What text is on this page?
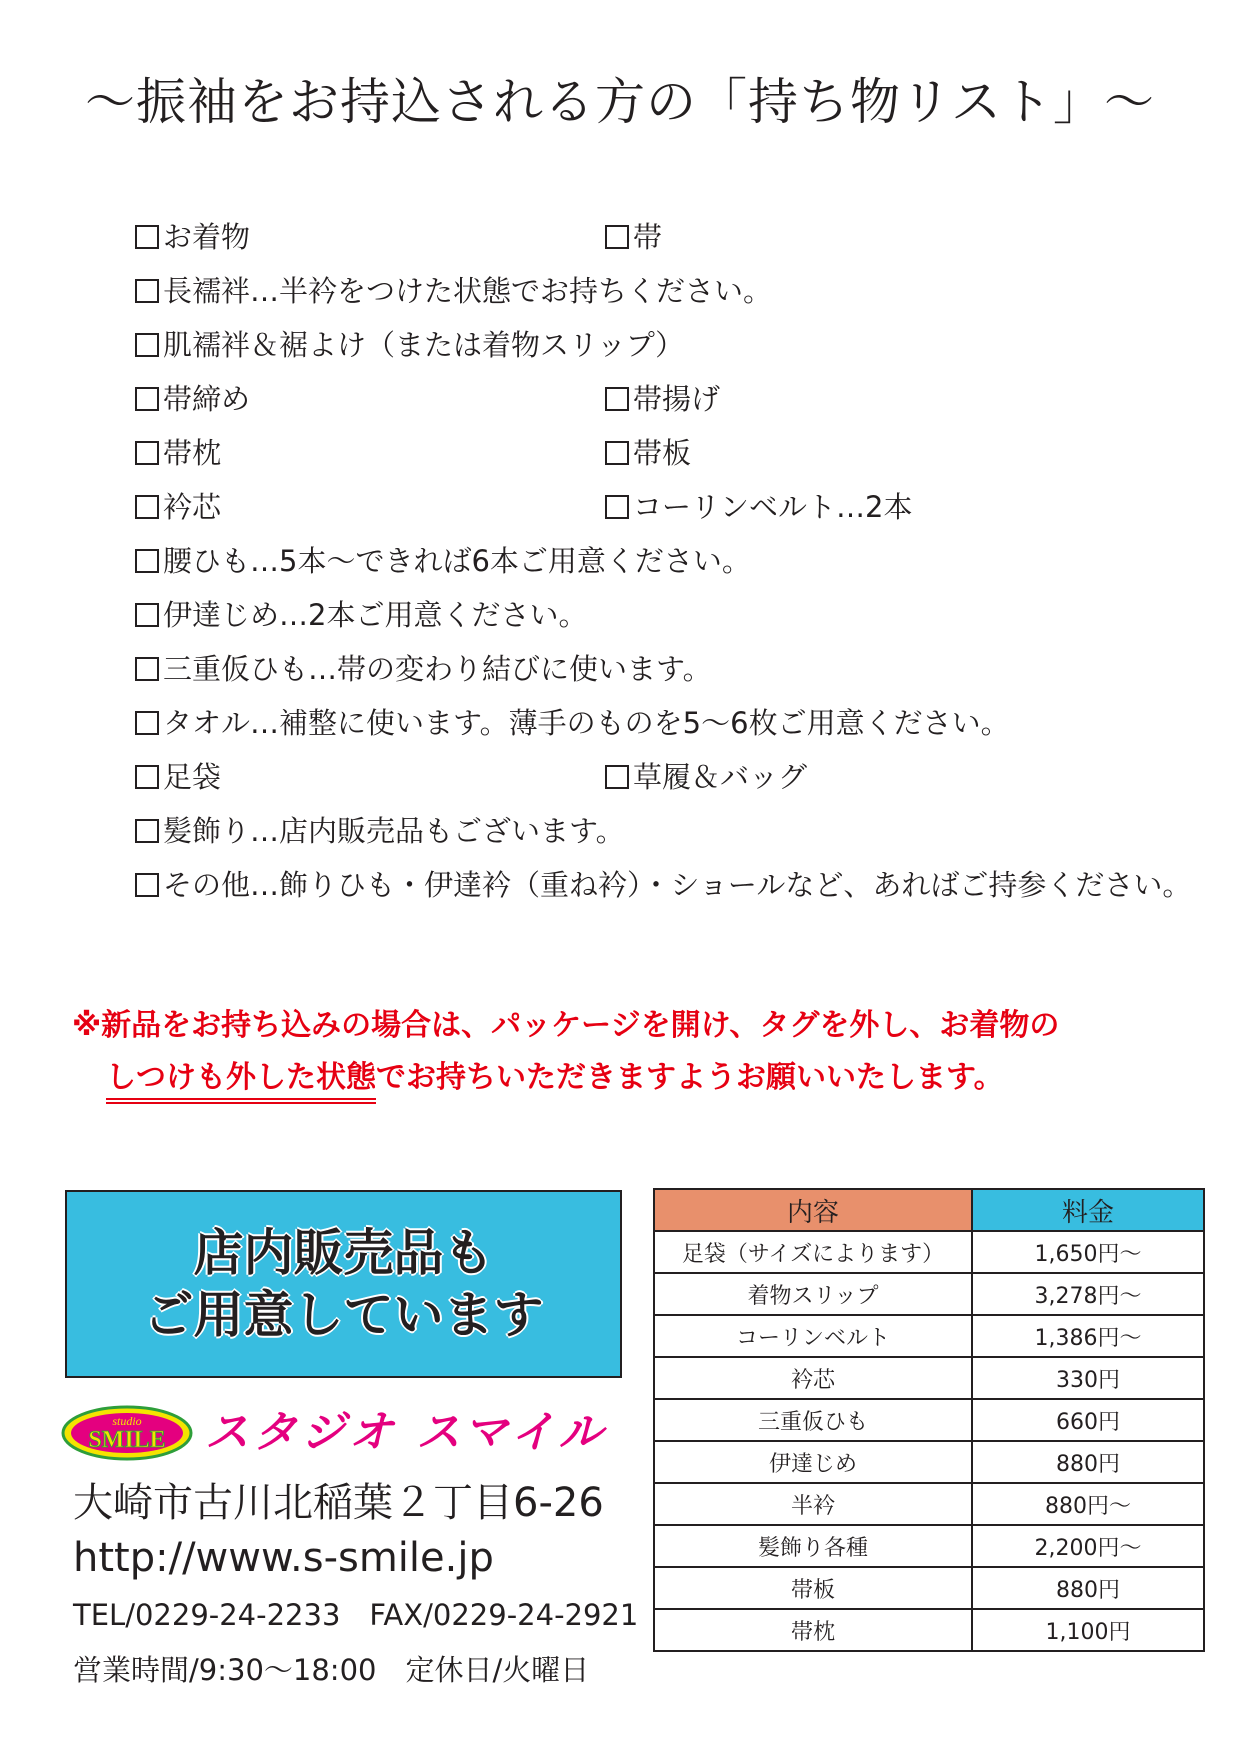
～振袖をお持込される方の「持ち物リスト」～
お着物	帯
長襦袢…半衿をつけた状態でお持ちください。
肌襦袢＆裾よけ（または着物スリップ）
帯締め	帯揚げ
帯枕	帯板
衿芯	コーリンベルト…2本
腰ひも…5本～できれば6本ご用意ください。
伊達じめ…2本ご用意ください。
三重仮ひも…帯の変わり結びに使います。
タオル…補整に使います。薄手のものを5～6枚ご用意ください。
足袋	草履＆バッグ
髪飾り…店内販売品もございます。
その他…飾りひも・伊達衿（重ね衿）・ショールなど、あればご持参ください。
※新品をお持ち込みの場合は、パッケージを開け、タグを外し、お着物の
しつけも外した状態でお持ちいただきますようお願いいたします。
店内販売品も
ご用意しています
studio
SMILE スタジオ スマイル
大崎市古川北稲葉２丁目6-26
http://www.s-smile.jp
TEL/0229-24-2233　FAX/0229-24-2921
営業時間/9:30～18:00　定休日/火曜日
内容	料金
足袋（サイズによります）	1,650円～
着物スリップ	3,278円～
コーリンベルト	1,386円～
衿芯	330円
三重仮ひも	660円
伊達じめ	880円
半衿	880円～
髪飾り各種	2,200円～
帯板	880円
帯枕	1,100円
